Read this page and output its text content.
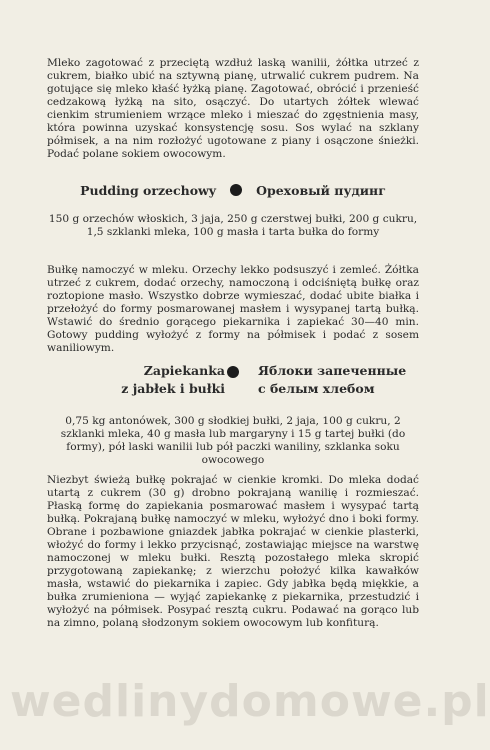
Mleko zagotować z przeciętą wzdłuż laską wanilii, żółtka utrzeć z cukrem, białko ubić na sztywną pianę, utrwalić cukrem pudrem. Na gotujące się mleko kłaść łyżką pianę. Zagotować, obrócić i przenieść cedzakową łyżką na sito, osączyć. Do utartych żółtek wlewać cienkim strumieniem wrzące mleko i mieszać do zgęstnienia masy, która powinna uzyskać konsystencję sosu. Sos wylać na szklany półmisek, a na nim rozłożyć ugotowane z piany i osączone śnieżki. Podać polane sokiem owocowym.

Pudding orzechowy	Ореховый пудинг

150 g orzechów włoskich, 3 jaja, 250 g czerstwej bułki, 200 g cukru, 1,5 szklanki mleka, 100 g masła i tarta bułka do formy

Bułkę namoczyć w mleku. Orzechy lekko podsuszyć i zemleć. Żółtka utrzeć z cukrem, dodać orzechy, namoczoną i odciśniętą bułkę oraz roztopione masło. Wszystko dobrze wymieszać, dodać ubite białka i przełożyć do formy posmarowanej masłem i wysypanej tartą bułką. Wstawić do średnio gorącego piekarnika i zapiekać 30—40 min. Gotowy pudding wyłożyć z formy na półmisek i podać z sosem waniliowym.

Zapiekanka
z jabłek i bułki
Яблоки запеченные
с белым хлебом

0,75 kg antonówek, 300 g słodkiej bułki, 2 jaja, 100 g cukru, 2 szklanki mleka, 40 g masła lub margaryny i 15 g tartej bułki (do formy), pół laski wanilii lub pół paczki waniliny, szklanka soku owocowego

Niezbyt świeżą bułkę pokrajać w cienkie kromki. Do mleka dodać utartą z cukrem (30 g) drobno pokrajaną wanilię i rozmieszać. Płaską formę do zapiekania posmarować masłem i wysypać tartą bułką. Pokrajaną bułkę namoczyć w mleku, wyłożyć dno i boki formy. Obrane i pozbawione gniazdek jabłka pokrajać w cienkie plasterki, włożyć do formy i lekko przycisnąć, zostawiając miejsce na warstwę namoczonej w mleku bułki. Resztą pozostałego mleka skropić przygotowaną zapiekankę; z wierzchu położyć kilka kawałków masła, wstawić do piekarnika i zapiec. Gdy jabłka będą miękkie, a bułka zrumieniona — wyjąć zapiekankę z piekarnika, przestudzić i wyłożyć na półmisek. Posypać resztą cukru. Podawać na gorąco lub na zimno, polaną słodzonym sokiem owocowym lub konfiturą.

wedlinydomowe.pl
